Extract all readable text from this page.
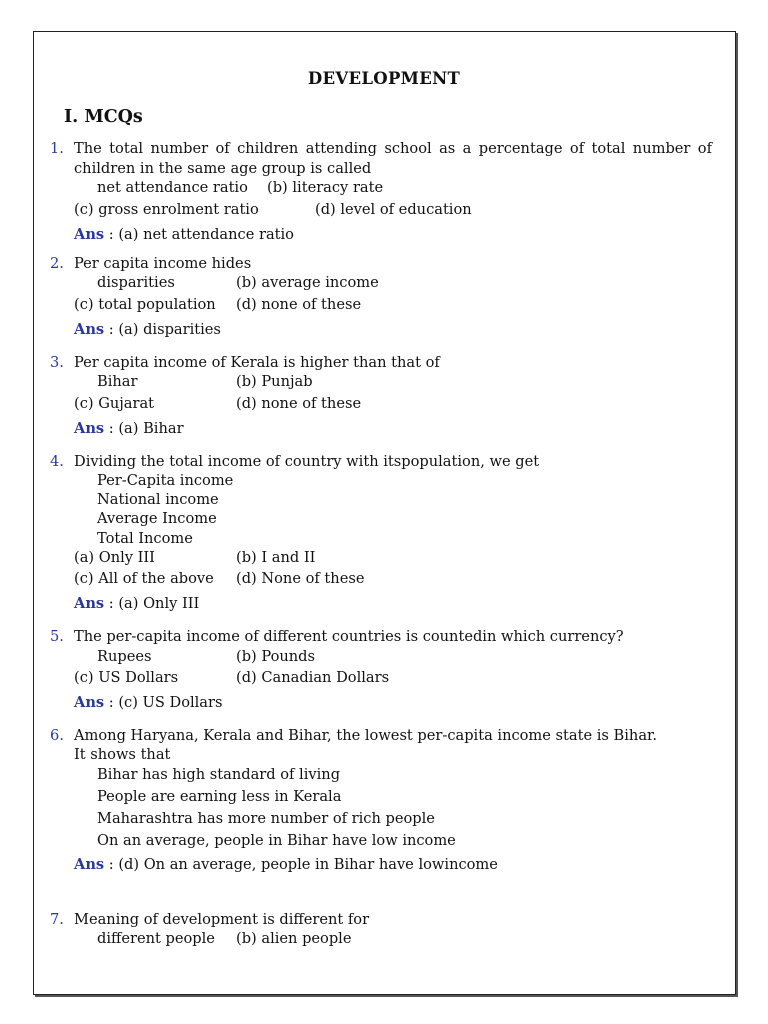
DEVELOPMENT
I. MCQs
1. The total number of children attending school as a percentage of total number of
children in the same age group is called
net attendance ratio (b) literacy rate
(c) gross enrolment ratio	(d) level of education
Ans : (a) net attendance ratio
2. Per capita income hides
disparities	(b) average income
(c) total population (d) none of these
Ans : (a) disparities
3. Per capita income of Kerala is higher than that of
Bihar	(b) Punjab
(c) Gujarat	(d) none of these
Ans : (a) Bihar
4. Dividing the total income of country with itspopulation, we get
Per-Capita income
National income
Average Income
Total Income
(a) Only III	(b) I and II
(c) All of the above (d) None of these
Ans : (a) Only III
5. The per-capita income of different countries is countedin which currency?
Rupees	(b) Pounds
(c) US Dollars	(d) Canadian Dollars
Ans : (c) US Dollars
6. Among Haryana, Kerala and Bihar, the lowest per-capita income state is Bihar.
It shows that
Bihar has high standard of living
People are earning less in Kerala
Maharashtra has more number of rich people
On an average, people in Bihar have low income
Ans : (d) On an average, people in Bihar have lowincome
7. Meaning of development is different for
different people (b) alien people
